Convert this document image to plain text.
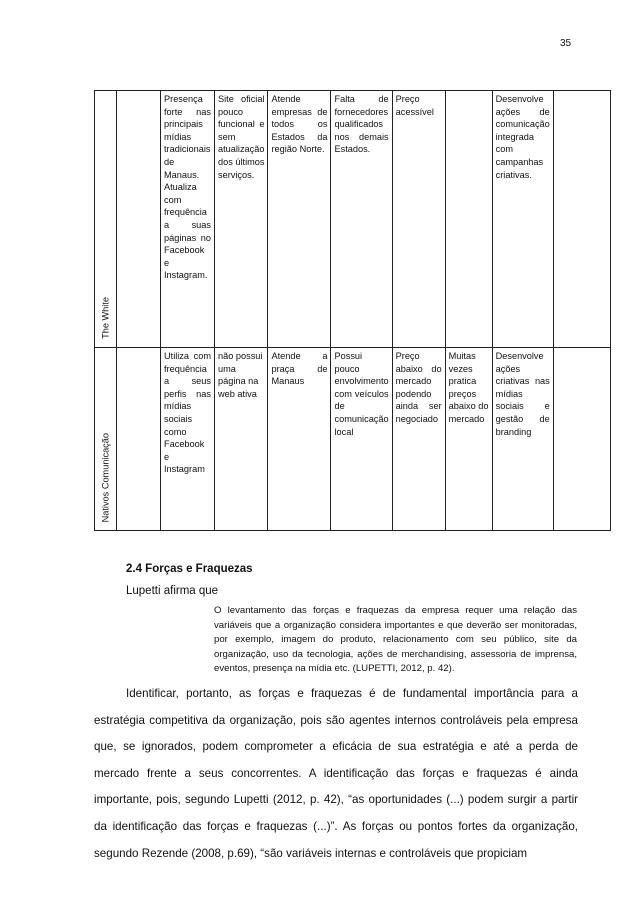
35
The White		Presença forte nas principais mídias tradicionais de Manaus. Atualiza com frequência a suas páginas no Facebook e Instagram.	Site oficial pouco funcional e sem atualização dos últimos serviços.	Atende empresas de todos os Estados da região Norte.	Falta de fornecedores qualificados nos demais Estados.	Preço acessível		Desenvolve ações de comunicação integrada com campanhas criativas.	

Nativos Comunicação		Utiliza com frequência a seus perfis nas mídias sociais como Facebook e Instagram	não possui uma página na web ativa	Atende a praça de Manaus	Possui pouco envolvimento com veículos de comunicação local	Preço abaixo do mercado podendo ainda ser negociado	Muitas vezes pratica preços abaixo do mercado	Desenvolve ações criativas nas mídias sociais e gestão de branding	
2.4 Forças e Fraquezas
Lupetti afirma que
O levantamento das forças e fraquezas da empresa requer uma relação das variáveis que a organização considera importantes e que deverão ser monitoradas, por exemplo, imagem do produto, relacionamento com seu público, site da organização, uso da tecnologia, ações de merchandising, assessoria de imprensa, eventos, presença na mídia etc. (LUPETTI, 2012, p. 42).

Identificar, portanto, as forças e fraquezas é de fundamental importância para a estratégia competitiva da organização, pois são agentes internos controláveis pela empresa que, se ignorados, podem comprometer a eficácia de sua estratégia e até a perda de mercado frente a seus concorrentes. A identificação das forças e fraquezas é ainda importante, pois, segundo Lupetti (2012, p. 42), “as oportunidades (...) podem surgir a partir da identificação das forças e fraquezas (...)”. As forças ou pontos fortes da organização, segundo Rezende (2008, p.69), “são variáveis internas e controláveis que propiciam
